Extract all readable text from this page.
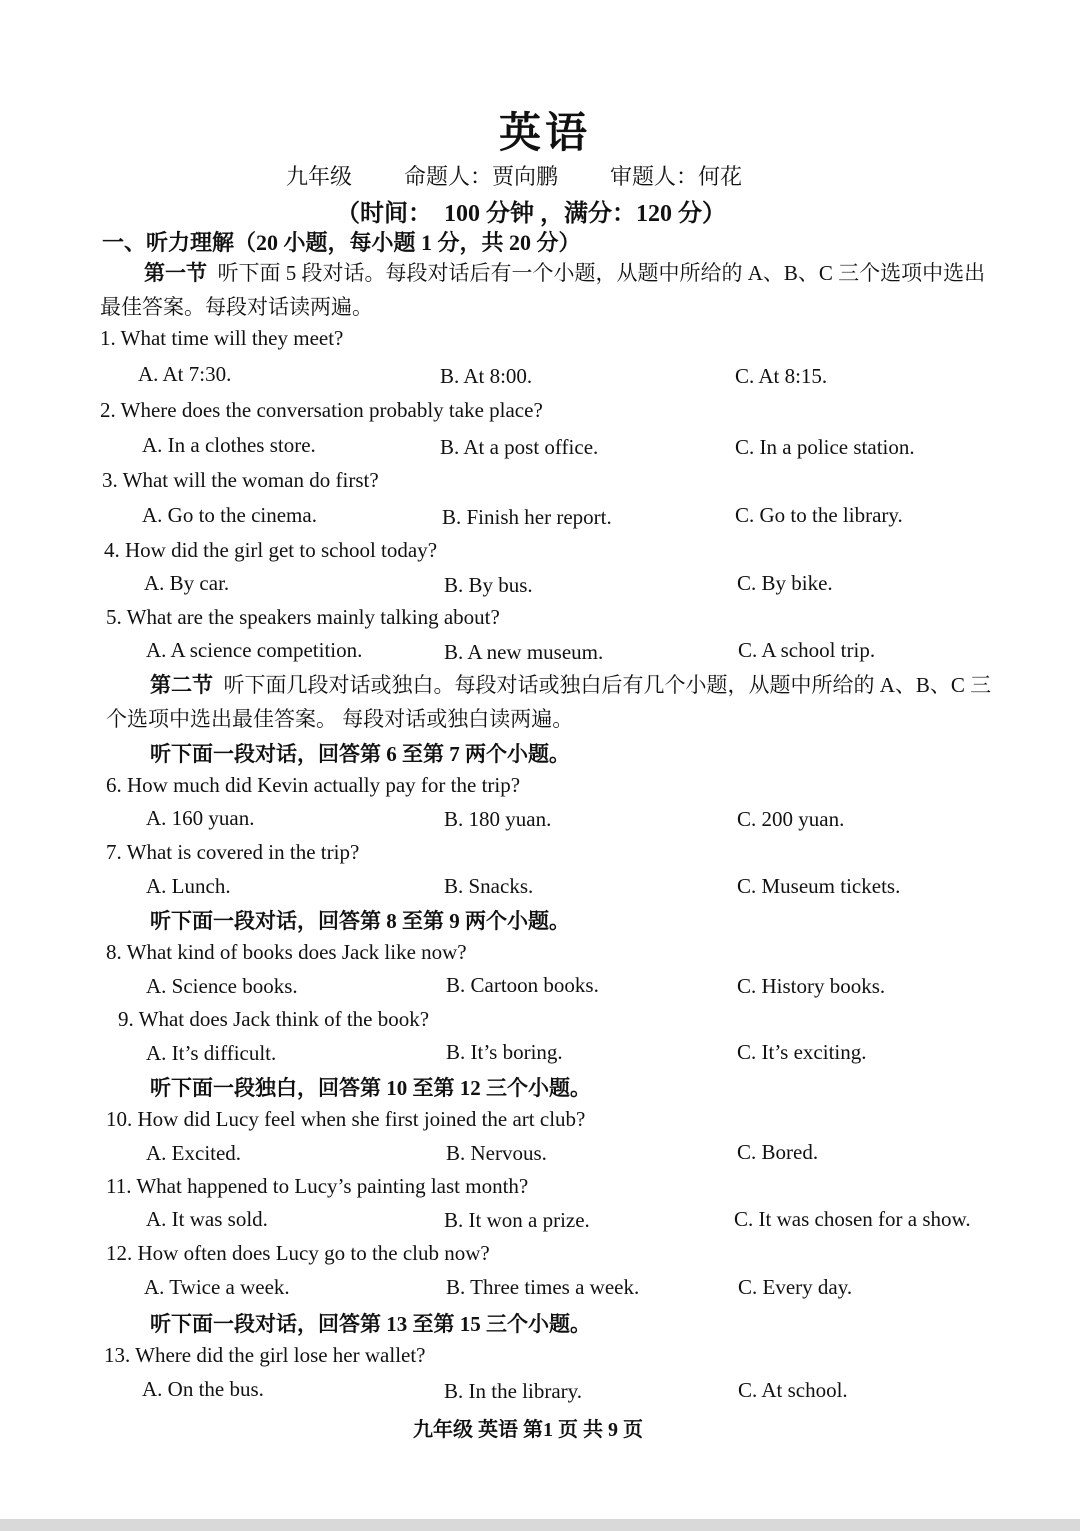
英语
九年级 命题人：贾向鹏 审题人：何花
（时间：  100 分钟 ，满分：120 分）
一、听力理解（20 小题，每小题 1 分，共 20 分）
第一节 听下面 5 段对话。每段对话后有一个小题，从题中所给的 A、B、C 三个选项中选出最佳答案。每段对话读两遍。
1. What time will they meet?
A. At 7:30.	B. At 8:00.	C. At 8:15.
2. Where does the conversation probably take place?
A. In a clothes store.	B. At a post office.	C. In a police station.
3. What will the woman do first?
A. Go to the cinema.	B. Finish her report.	C. Go to the library.
4. How did the girl get to school today?
A. By car.	B. By bus.	C. By bike.
5. What are the speakers mainly talking about?
A. A science competition.	B. A new museum.	C. A school trip.
第二节 听下面几段对话或独白。每段对话或独白后有几个小题，从题中所给的 A、B、C 三个选项中选出最佳答案。 每段对话或独白读两遍。
听下面一段对话，回答第 6 至第 7 两个小题。
6. How much did Kevin actually pay for the trip?
A. 160 yuan.	B. 180 yuan.	C. 200 yuan.
7. What is covered in the trip?
A. Lunch.	B. Snacks.	C. Museum tickets.
听下面一段对话，回答第 8 至第 9 两个小题。
8. What kind of books does Jack like now?
A. Science books.	B. Cartoon books.	C. History books.
9. What does Jack think of the book?
A. It’s difficult.	B. It’s boring.	C. It’s exciting.
听下面一段独白，回答第 10 至第 12 三个小题。
10. How did Lucy feel when she first joined the art club?
A. Excited.	B. Nervous.	C. Bored.
11. What happened to Lucy’s painting last month?
A. It was sold.	B. It won a prize.	C. It was chosen for a show.
12. How often does Lucy go to the club now?
A. Twice a week.	B. Three times a week.	C. Every day.
听下面一段对话，回答第 13 至第 15 三个小题。
13. Where did the girl lose her wallet?
A. On the bus.	B. In the library.	C. At school.
九年级 英语 第1 页 共 9 页
